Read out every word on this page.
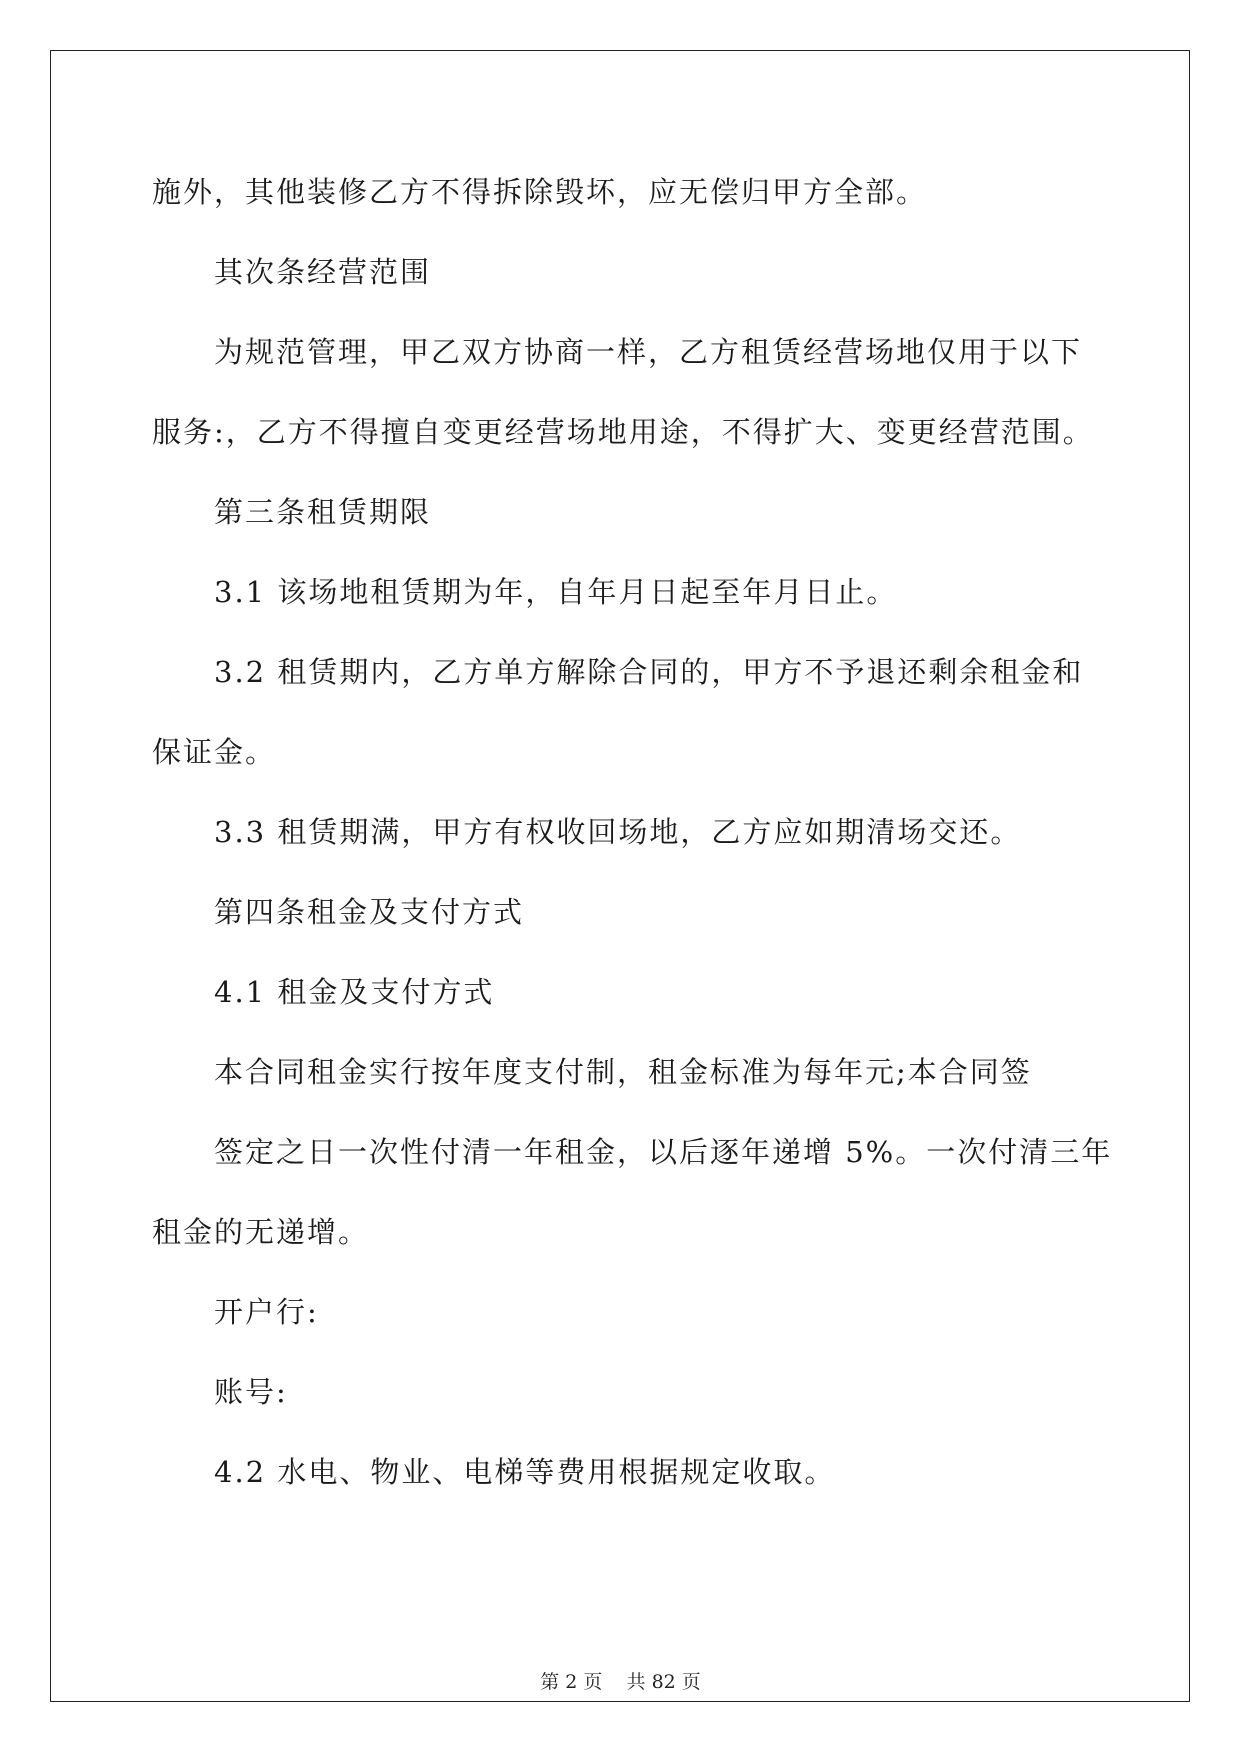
施外，其他装修乙方不得拆除毁坏，应无偿归甲方全部。
其次条经营范围
为规范管理，甲乙双方协商一样，乙方租赁经营场地仅用于以下
服务:，乙方不得擅自变更经营场地用途，不得扩大、变更经营范围。
第三条租赁期限
3.1 该场地租赁期为年，自年月日起至年月日止。
3.2 租赁期内，乙方单方解除合同的，甲方不予退还剩余租金和
保证金。
3.3 租赁期满，甲方有权收回场地，乙方应如期清场交还。
第四条租金及支付方式
4.1 租金及支付方式
本合同租金实行按年度支付制，租金标准为每年元;本合同签
签定之日一次性付清一年租金，以后逐年递增 5%。一次付清三年
租金的无递增。
开户行:
账号:
4.2 水电、物业、电梯等费用根据规定收取。
第 2 页    共 82 页
